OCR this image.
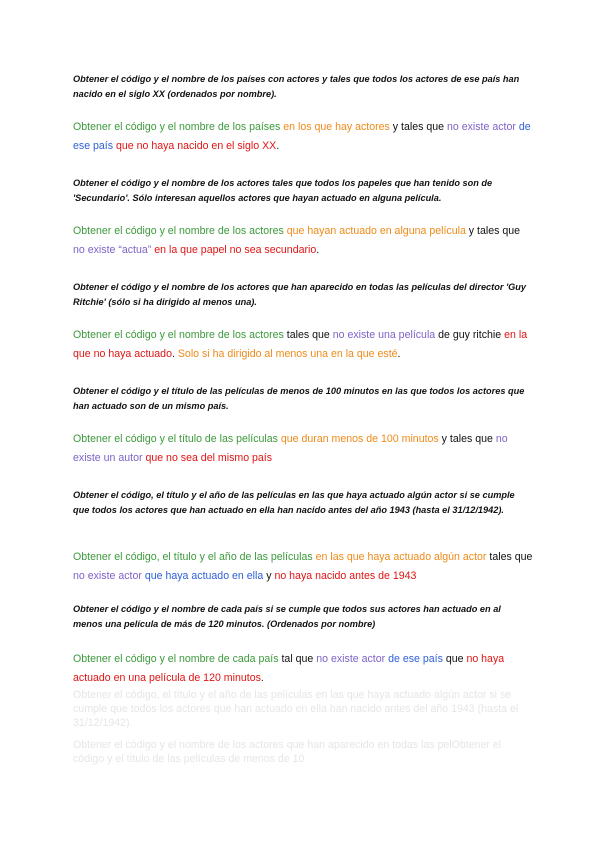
Obtener el código y el nombre de los países con actores y tales que todos los actores de ese país han nacido en el siglo XX (ordenados por nombre).
Obtener el código y el nombre de los países en los que hay actores y tales que no existe actor de ese país que no haya nacido en el siglo XX.
Obtener el código y el nombre de los actores tales que todos los papeles que han tenido son de 'Secundario'. Sólo interesan aquellos actores que hayan actuado en alguna película.
Obtener el código y el nombre de los actores que hayan actuado en alguna película y tales que no existe “actua” en la que papel no sea secundario.
Obtener el código y el nombre de los actores que han aparecido en todas las películas del director 'Guy Ritchie' (sólo si ha dirigido al menos una).
Obtener el código y el nombre de los actores tales que no existe una película de guy ritchie en la que no haya actuado. Solo si ha dirigido al menos una en la que esté.
Obtener el código y el título de las películas de menos de 100 minutos en las que todos los actores que han actuado son de un mismo país.
Obtener el código y el título de las películas que duran menos de 100 minutos y tales que no existe un autor que no sea del mismo país
Obtener el código, el título y el año de las películas en las que haya actuado algún actor si se cumple que todos los actores que han actuado en ella han nacido antes del año 1943 (hasta el 31/12/1942).
Obtener el código, el título y el año de las películas en las que haya actuado algún actor tales que no existe actor que haya actuado en ella y no haya nacido antes de 1943
Obtener el código y el nombre de cada país si se cumple que todos sus actores han actuado en al menos una película de más de 120 minutos. (Ordenados por nombre)
Obtener el código y el nombre de cada país tal que no existe actor de ese país que no haya actuado en una película de 120 minutos.
Obtener el código, el título y el año de las películas en las que haya actuado algún actor si se cumple que todos los actores que han actuado en ella han nacido antes del año 1943 (hasta el 31/12/1942).
Obtener el código y el nombre de los actores que han aparecido en todas las pelObtener el código y el título de las películas de menos de 10
